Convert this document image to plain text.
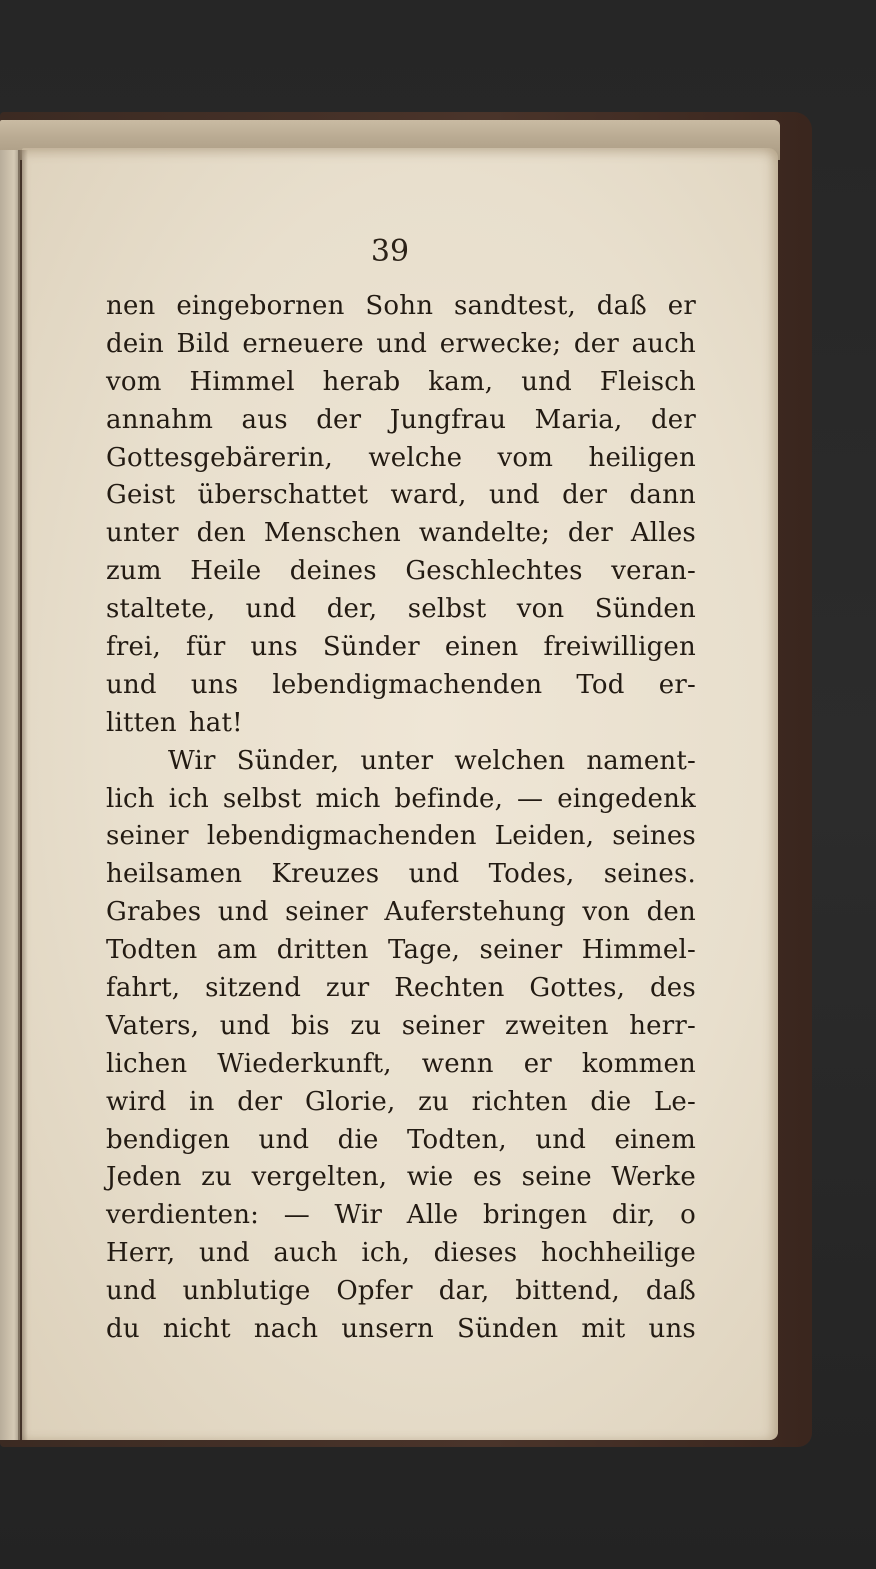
39
nen eingebornen Sohn sandtest, daß er
dein Bild erneuere und erwecke; der auch
vom Himmel herab kam, und Fleisch
annahm aus der Jungfrau Maria, der
Gottesgebärerin, welche vom heiligen
Geist überschattet ward, und der dann
unter den Menschen wandelte; der Alles
zum Heile deines Geschlechtes veran-
staltete, und der, selbst von Sünden
frei, für uns Sünder einen freiwilligen
und uns lebendigmachenden Tod er-
litten hat!
Wir Sünder, unter welchen nament-
lich ich selbst mich befinde, — eingedenk
seiner lebendigmachenden Leiden, seines
heilsamen Kreuzes und Todes, seines.
Grabes und seiner Auferstehung von den
Todten am dritten Tage, seiner Himmel-
fahrt, sitzend zur Rechten Gottes, des
Vaters, und bis zu seiner zweiten herr-
lichen Wiederkunft, wenn er kommen
wird in der Glorie, zu richten die Le-
bendigen und die Todten, und einem
Jeden zu vergelten, wie es seine Werke
verdienten: — Wir Alle bringen dir, o
Herr, und auch ich, dieses hochheilige
und unblutige Opfer dar, bittend, daß
du nicht nach unsern Sünden mit uns
